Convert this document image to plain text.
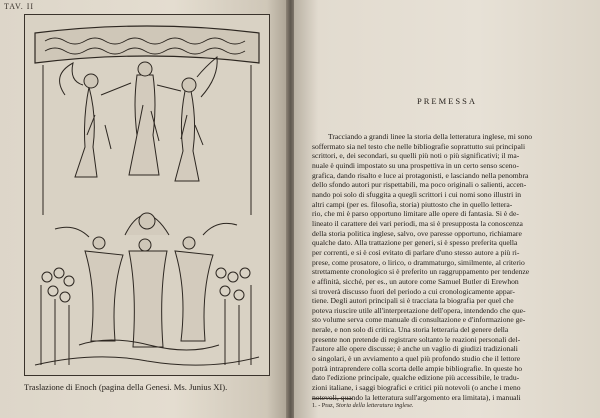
TAV. II
Traslazione di Enoch (pagina della Genesi. Ms. Junius XI).
PREMESSA

Tracciando a grandi linee la storia della letteratura inglese, mi sono

soffermato sia nel testo che nelle bibliografie soprattutto sui principali
scrittori, e, dei secondari, su quelli più noti o più significativi; il ma-
nuale è quindi impostato su una prospettiva in un certo senso sceno-
grafica, dando risalto e luce ai protagonisti, e lasciando nella penombra
dello sfondo autori pur rispettabili, ma poco originali o salienti, accen-
nando poi solo di sfuggita a quegli scrittori i cui nomi sono illustri in
altri campi (per es. filosofia, storia) piuttosto che in quello lettera-
rio, che mi è parso opportuno limitare alle opere di fantasia. Si è de-
lineato il carattere dei vari periodi, ma si è presupposta la conoscenza
della storia politica inglese, salvo, ove paresse opportuno, richiamare
qualche dato. Alla trattazione per generi, si è spesso preferita quella
per correnti, e si è così evitato di parlare d'uno stesso autore a più ri-
prese, come prosatore, o lirico, o drammaturgo, similmente, al criterio
strettamente cronologico si è preferito un raggruppamento per tendenze
e affinità, sicché, per es., un autore come Samuel Butler di Erewhon
si troverà discusso fuori del periodo a cui cronologicamente appar-
tiene. Degli autori principali si è tracciata la biografia per quel che
poteva riuscire utile all'interpretazione dell'opera, intendendo che que-
sto volume serva come manuale di consultazione e d'informazione ge-
nerale, e non solo di critica. Una storia letteraria del genere della
presente non pretende di registrare soltanto le reazioni personali del-
l'autore alle opere discusse; è anche un vaglio di giudizi tradizionali
o singolari, è un avviamento a quel più profondo studio che il lettore
potrà intraprendere colla scorta delle ampie bibliografie. In queste ho
dato l'edizione principale, qualche edizione più accessibile, le tradu-
zioni italiane, i saggi biografici e critici più notevoli (o anche i meno
notevoli, quando la letteratura sull'argomento era limitata), i manuali
1. - Praz, Storia della letteratura inglese.
